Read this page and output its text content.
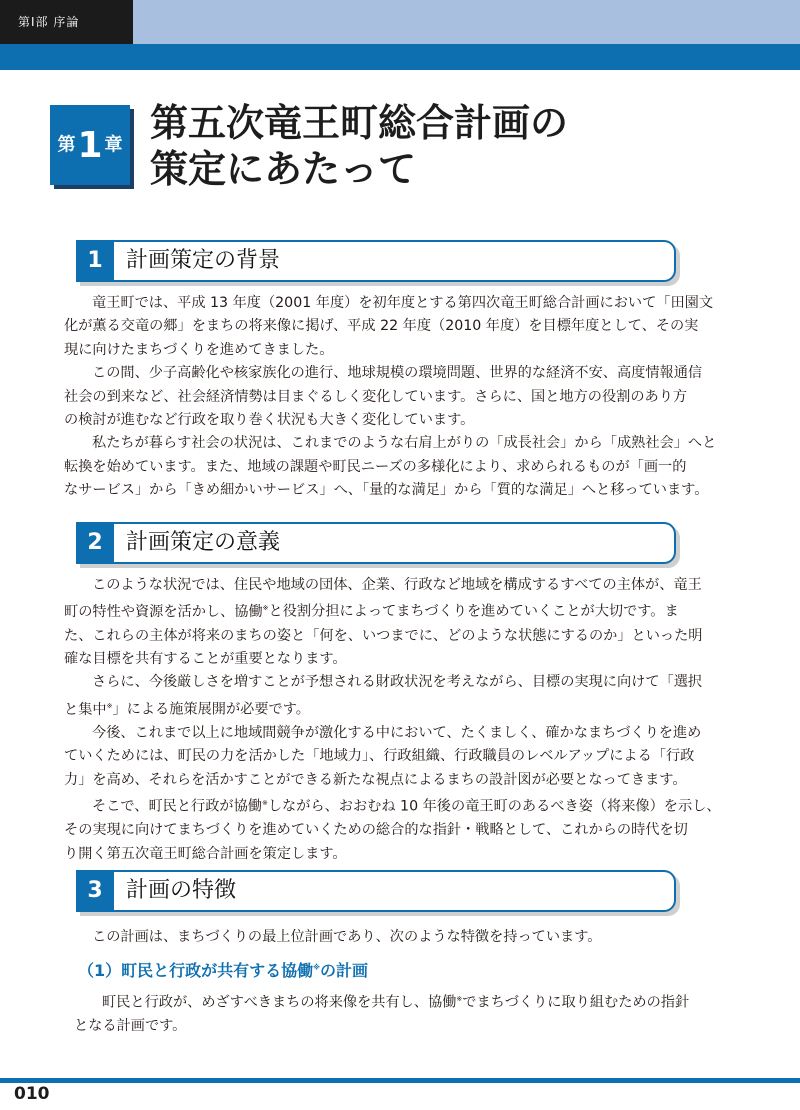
第Ⅰ部 序論
第1 章 第五次竜王町総合計画の
策定にあたって
1	計画策定の背景

竜王町では、平成 13 年度（2001 年度）を初年度とする第四次竜王町総合計画において「田園文
化が薫る交竜の郷」をまちの将来像に掲げ、平成 22 年度（2010 年度）を目標年度として、その実
現に向けたまちづくりを進めてきました。

この間、少子高齢化や核家族化の進行、地球規模の環境問題、世界的な経済不安、高度情報通信
社会の到来など、社会経済情勢は目まぐるしく変化しています。さらに、国と地方の役割のあり方
の検討が進むなど行政を取り巻く状況も大きく変化しています。

私たちが暮らす社会の状況は、これまでのような右肩上がりの「成長社会」から「成熟社会」へと
転換を始めています。また、地域の課題や町民ニーズの多様化により、求められるものが「画一的
なサービス」から「きめ細かいサービス」へ、「量的な満足」から「質的な満足」へと移っています。

2	計画策定の意義

このような状況では、住民や地域の団体、企業、行政など地域を構成するすべての主体が、竜王
町の特性や資源を活かし、協働※と役割分担によってまちづくりを進めていくことが大切です。ま
た、これらの主体が将来のまちの姿と「何を、いつまでに、どのような状態にするのか」といった明
確な目標を共有することが重要となります。

さらに、今後厳しさを増すことが予想される財政状況を考えながら、目標の実現に向けて「選択
と集中※」による施策展開が必要です。

今後、これまで以上に地域間競争が激化する中において、たくましく、確かなまちづくりを進め
ていくためには、町民の力を活かした「地域力」、行政組織、行政職員のレベルアップによる「行政
力」を高め、それらを活かすことができる新たな視点によるまちの設計図が必要となってきます。

そこで、町民と行政が協働※しながら、おおむね 10 年後の竜王町のあるべき姿（将来像）を示し、
その実現に向けてまちづくりを進めていくための総合的な指針・戦略として、これからの時代を切
り開く第五次竜王町総合計画を策定します。

3	計画の特徴

この計画は、まちづくりの最上位計画であり、次のような特徴を持っています。

（1）町民と行政が共有する協働※の計画

町民と行政が、めざすべきまちの将来像を共有し、協働※でまちづくりに取り組むための指針
となる計画です。

010
